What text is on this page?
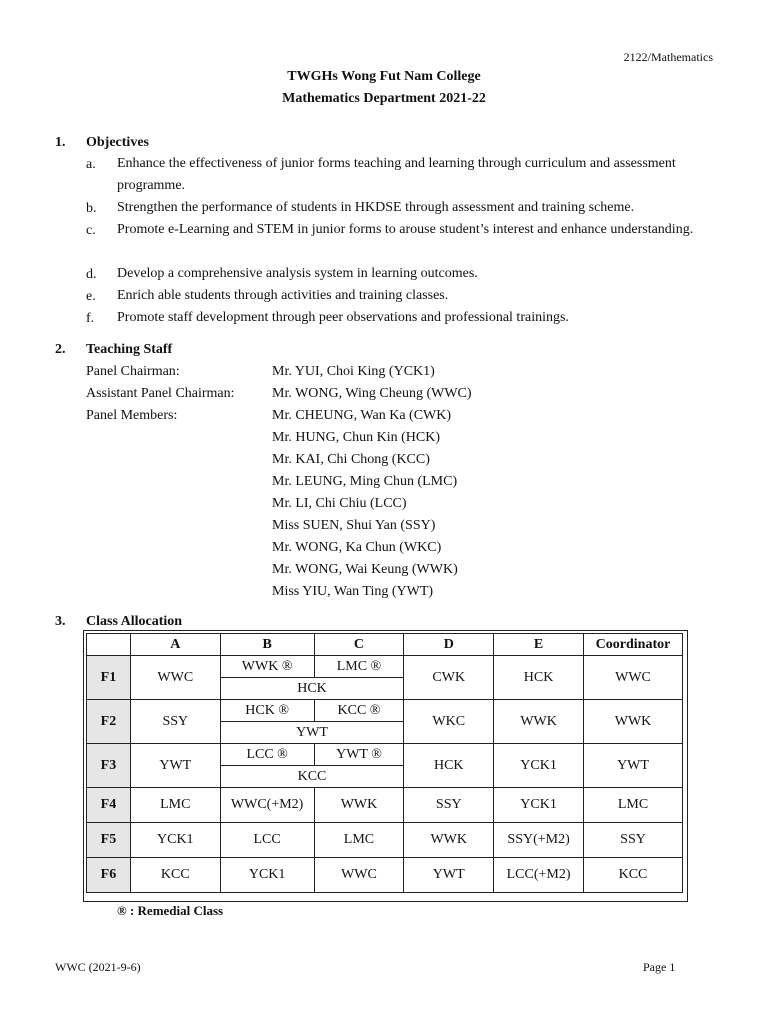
2122/Mathematics
TWGHs Wong Fut Nam College
Mathematics Department 2021-22
1. Objectives
a. Enhance the effectiveness of junior forms teaching and learning through curriculum and assessment programme.
b. Strengthen the performance of students in HKDSE through assessment and training scheme.
c. Promote e-Learning and STEM in junior forms to arouse student’s interest and enhance understanding.
d. Develop a comprehensive analysis system in learning outcomes.
e. Enrich able students through activities and training classes.
f. Promote staff development through peer observations and professional trainings.
2. Teaching Staff
Panel Chairman:	Mr. YUI, Choi King (YCK1)
Assistant Panel Chairman:	Mr. WONG, Wing Cheung (WWC)
Panel Members:	Mr. CHEUNG, Wan Ka (CWK)
Mr. HUNG, Chun Kin (HCK)
Mr. KAI, Chi Chong (KCC)
Mr. LEUNG, Ming Chun (LMC)
Mr. LI, Chi Chiu (LCC)
Miss SUEN, Shui Yan (SSY)
Mr. WONG, Ka Chun (WKC)
Mr. WONG, Wai Keung (WWK)
Miss YIU, Wan Ting (YWT)
3. Class Allocation
	A	B	C	D	E	Coordinator
F1	WWC	WWK ®	LMC ®	CWK	HCK	WWC
		HCK				
F2	SSY	HCK ®	KCC ®	WKC	WWK	WWK
		YWT				
F3	YWT	LCC ®	YWT ®	HCK	YCK1	YWT
		KCC				
F4	LMC	WWC(+M2)	WWK	SSY	YCK1	LMC
F5	YCK1	LCC	LMC	WWK	SSY(+M2)	SSY
F6	KCC	YCK1	WWC	YWT	LCC(+M2)	KCC
® : Remedial Class
WWC (2021-9-6)	Page 1
